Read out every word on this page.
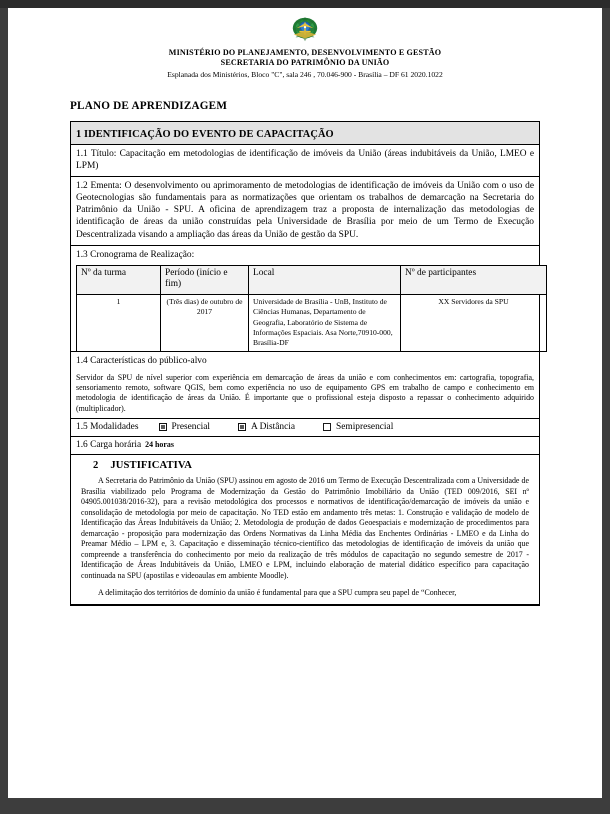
MINISTÉRIO DO PLANEJAMENTO, DESENVOLVIMENTO E GESTÃO
SECRETARIA DO PATRIMÔNIO DA UNIÃO
Esplanada dos Ministérios, Bloco "C", sala 246 , 70.046-900 - Brasília – DF 61 2020.1022
PLANO DE APRENDIZAGEM
1 IDENTIFICAÇÃO DO EVENTO DE CAPACITAÇÃO

1.1 Título: Capacitação em metodologias de identificação de imóveis da União (áreas indubitáveis da União, LMEO e LPM)

1.2 Ementa: O desenvolvimento ou aprimoramento de metodologias de identificação de imóveis da União com o uso de Geotecnologias são fundamentais para as normatizações que orientam os trabalhos de demarcação na Secretaria do Patrimônio da União - SPU. A oficina de aprendizagem traz a proposta de internalização das metodologias de identificação de áreas da união construídas pela Universidade de Brasília por meio de um Termo de Execução Descentralizada visando a ampliação das áreas da União de gestão da SPU.

1.3 Cronograma de Realização:
Nº da turma	Período (início e fim)	Local	Nº de participantes
1	(Três dias) de outubro de 2017	Universidade de Brasília - UnB, Instituto de Ciências Humanas, Departamento de Geografia, Laboratório de Sistema de Informações Espaciais. Asa Norte,70910-000, Brasília-DF	XX Servidores da SPU

1.4 Características do público-alvo

Servidor da SPU de nível superior com experiência em demarcação de áreas da união e com conhecimentos em: cartografia, topografia, sensoriamento remoto, software QGIS, bem como experiência no uso de equipamento GPS em trabalho de campo e conhecimento em metodologia de identificação de áreas da União. É importante que o profissional esteja disposto a repassar o conhecimento adquirido (multiplicador).

1.5 Modalidades	Presencial	A Distância	Semipresencial
1.6 Carga horária 24 horas
2 JUSTIFICATIVA

A Secretaria do Patrimônio da União (SPU) assinou em agosto de 2016 um Termo de Execução Descentralizada com a Universidade de Brasília viabilizado pelo Programa de Modernização da Gestão do Patrimônio Imobiliário da União (TED 009/2016, SEI nº 04905.001038/2016-32), para a revisão metodológica dos processos e normativos de identificação/demarcação de imóveis da união e consolidação de metodologia por meio de capacitação. No TED estão em andamento três metas: 1. Construção e validação de modelo de Identificação das Áreas Indubitáveis da União; 2. Metodologia de produção de dados Geoespaciais e modernização de procedimentos para demarcação - proposição para modernização das Ordens Normativas da Linha Média das Enchentes Ordinárias - LMEO e da Linha do Preamar Médio – LPM e, 3. Capacitação e disseminação técnico-científico das metodologias de identificação de imóveis da união que compreende a transferência do conhecimento por meio da realização de três módulos de capacitação no segundo semestre de 2017 - Identificação de Áreas Indubitáveis da União, LMEO e LPM, incluindo elaboração de material didático específico para capacitação continuada na SPU (apostilas e videoaulas em ambiente Moodle).

A delimitação dos territórios de domínio da união é fundamental para que a SPU cumpra seu papel de “Conhecer,
